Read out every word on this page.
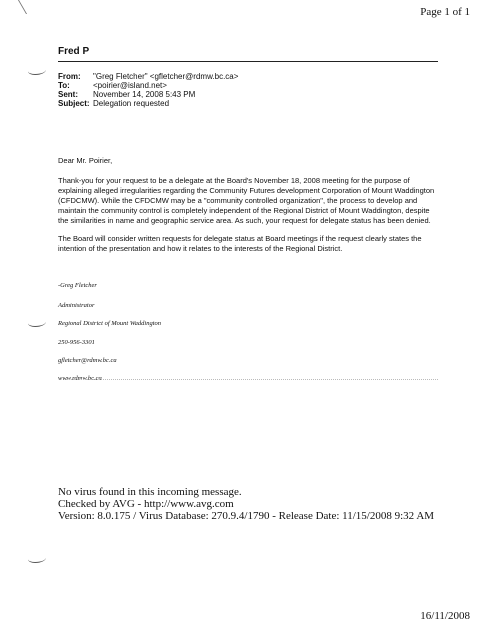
Page 1 of 1
Fred P
From: "Greg Fletcher" <gfletcher@rdmw.bc.ca>
To:	<poirier@island.net>
Sent: November 14, 2008 5:43 PM
Subject: Delegation requested
Dear Mr. Poirier,
Thank-you for your request to be a delegate at the Board's November 18, 2008 meeting for the purpose of explaining alleged irregularities regarding the Community Futures development Corporation of Mount Waddington (CFDCMW). While the CFDCMW may be a "community controlled organization", the process to develop and maintain the community control is completely independent of the Regional District of Mount Waddington, despite the similarities in name and geographic service area. As such, your request for delegate status has been denied.
The Board will consider written requests for delegate status at Board meetings if the request clearly states the intention of the presentation and how it relates to the interests of the Regional District.
-Greg Fletcher
Administrator
Regional District of Mount Waddington
250-956-3301
gfletcher@rdmw.bc.ca
www.rdmw.bc.ca
No virus found in this incoming message.
Checked by AVG - http://www.avg.com
Version: 8.0.175 / Virus Database: 270.9.4/1790 - Release Date: 11/15/2008 9:32 AM
16/11/2008
